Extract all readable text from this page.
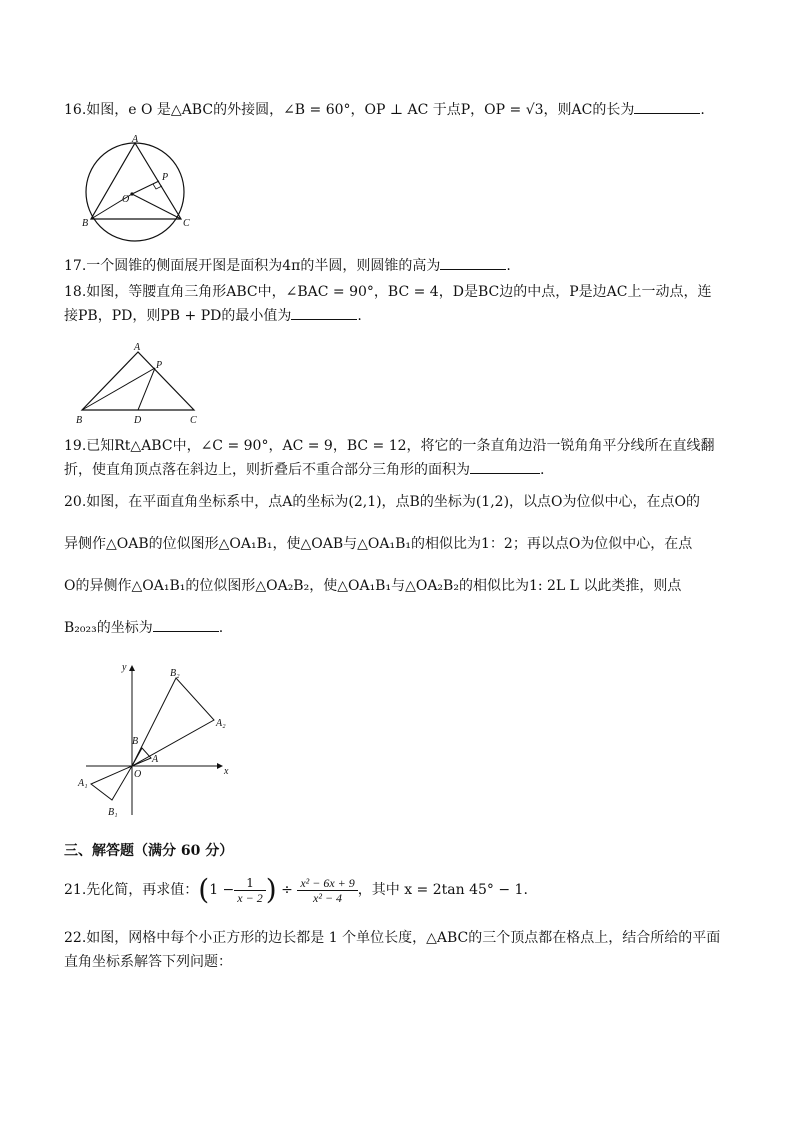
16.如图，e O 是△ABC的外接圆，∠B = 60°，OP ⊥ AC 于点P，OP = √3，则AC的长为	.
A
B	C
O
P
17.一个圆锥的侧面展开图是面积为4π的半圆，则圆锥的高为	.
18.如图，等腰直角三角形ABC中，∠BAC = 90°，BC = 4，D是BC边的中点，P是边AC上一动点，连
接PB，PD，则PB + PD的最小值为	.
A
P
B	D	C
19.已知Rt△ABC中，∠C = 90°，AC = 9，BC = 12，将它的一条直角边沿一锐角角平分线所在直线翻
折，使直角顶点落在斜边上，则折叠后不重合部分三角形的面积为	.
20.如图，在平面直角坐标系中，点A的坐标为(2,1)，点B的坐标为(1,2)，以点O为位似中心，在点O的
异侧作△OAB的位似图形△OA₁B₁，使△OAB与△OA₁B₁的相似比为1：2；再以点O为位似中心，在点
O的异侧作△OA₁B₁的位似图形△OA₂B₂，使△OA₁B₁与△OA₂B₂的相似比为1: 2L L 以此类推，则点
B₂₀₂₃的坐标为	.
y
x
O
A
B
A₁
B₁
A₂
B₂
三、解答题（满分 60 分）
21.先化简，再求值：($1 - \frac{1}{x - 2}$ ) ÷ $\frac{\text{x² − 6x + 9}}{\text{x² − 4}}$ ，其中 x = 2tan 45° − 1.
22.如图，网格中每个小正方形的边长都是 1 个单位长度，△ABC的三个顶点都在格点上，结合所给的平面
直角坐标系解答下列问题：
